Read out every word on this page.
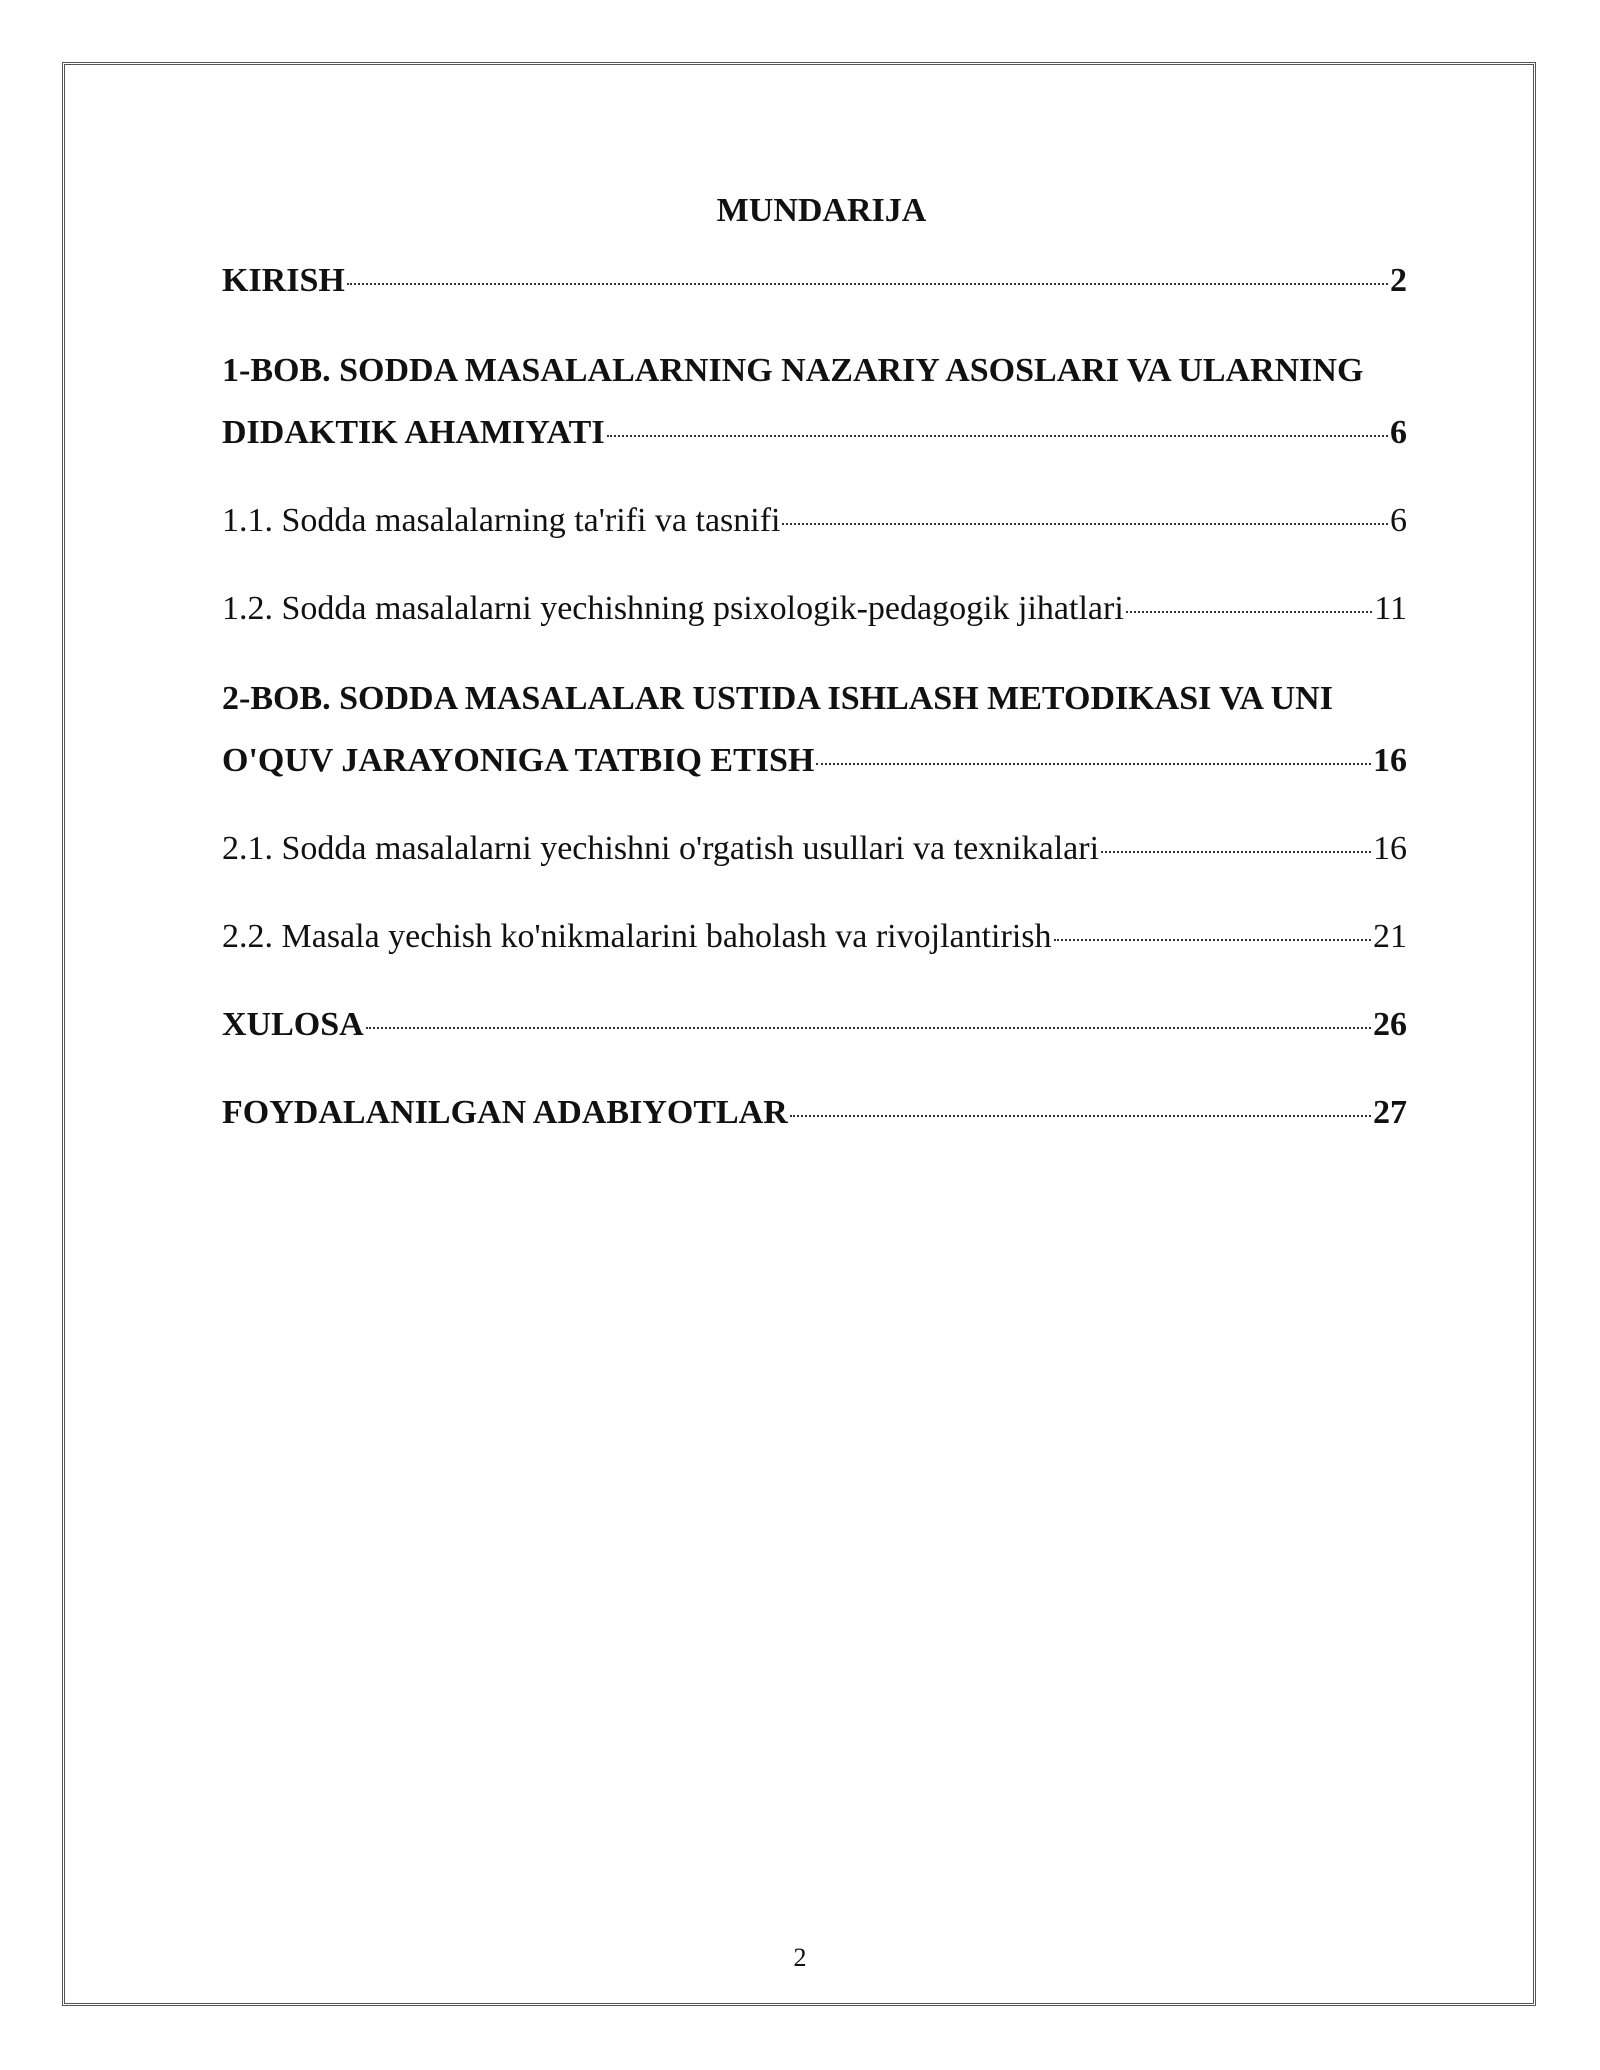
MUNDARIJA
KIRISH	2
1-BOB. SODDA MASALALARNING NAZARIY ASOSLARI VA ULARNING
DIDAKTIK AHAMIYATI	6
1.1. Sodda masalalarning ta'rifi va tasnifi	6
1.2. Sodda masalalarni yechishning psixologik-pedagogik jihatlari	11
2-BOB. SODDA MASALALAR USTIDA ISHLASH METODIKASI VA UNI
O'QUV JARAYONIGA TATBIQ ETISH	16
2.1. Sodda masalalarni yechishni o'rgatish usullari va texnikalari	16
2.2. Masala yechish ko'nikmalarini baholash va rivojlantirish	21
XULOSA	26
FOYDALANILGAN ADABIYOTLAR	27
2
